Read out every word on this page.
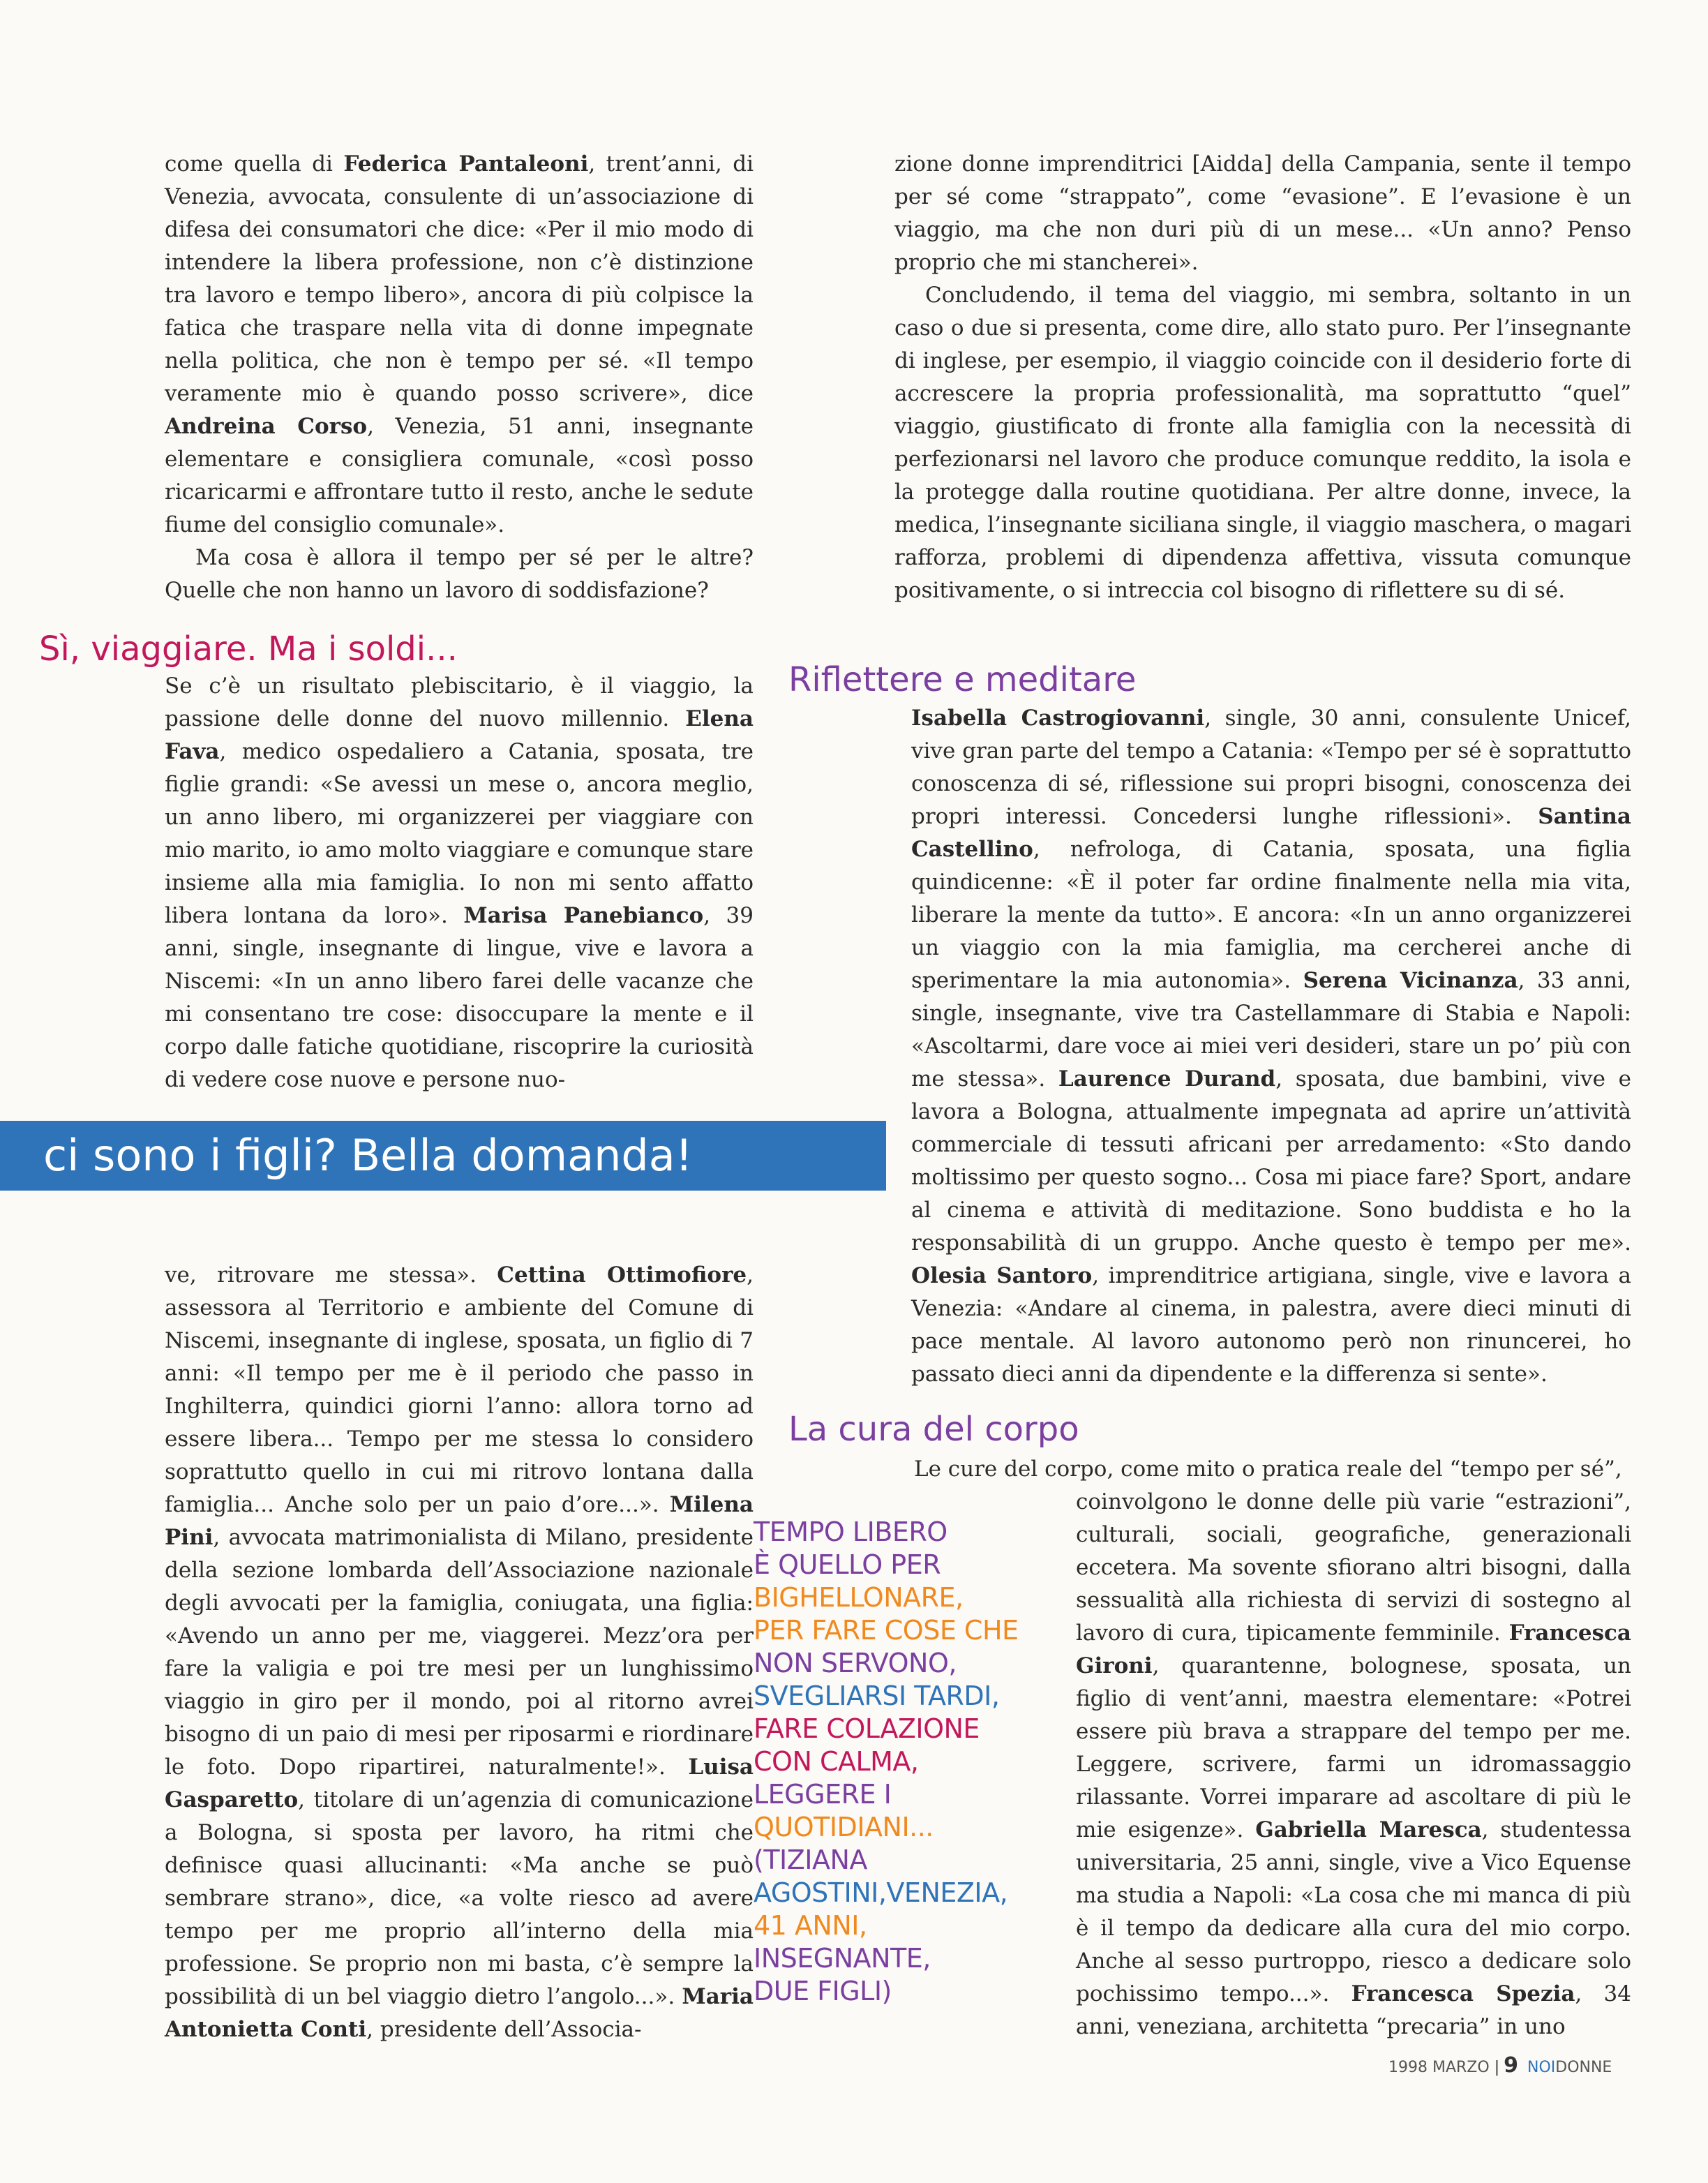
come quella di Federica Pantaleoni, trent’anni, di Venezia, avvocata, consulente di un’associazione di difesa dei consumatori che dice: «Per il mio modo di intendere la libera professione, non c’è distinzione tra lavoro e tempo libero», ancora di più colpisce la fatica che traspare nella vita di donne impegnate nella politica, che non è tempo per sé. «Il tempo veramente mio è quando posso scrivere», dice Andreina Corso, Venezia, 51 anni, insegnante elementare e consigliera comunale, «così posso ricaricarmi e affrontare tutto il resto, anche le sedute fiume del consiglio comunale».

Ma cosa è allora il tempo per sé per le altre? Quelle che non hanno un lavoro di soddisfazione?

Sì, viaggiare. Ma i soldi...

Se c’è un risultato plebiscitario, è il viaggio, la passione delle donne del nuovo millennio. Elena Fava, medico ospedaliero a Catania, sposata, tre figlie grandi: «Se avessi un mese o, ancora meglio, un anno libero, mi organizzerei per viaggiare con mio marito, io amo molto viaggiare e comunque stare insieme alla mia famiglia. Io non mi sento affatto libera lontana da loro». Marisa Panebianco, 39 anni, single, insegnante di lingue, vive e lavora a Niscemi: «In un anno libero farei delle vacanze che mi consentano tre cose: disoccupare la mente e il corpo dalle fatiche quotidiane, riscoprire la curiosità di vedere cose nuove e persone nuo-

ci sono i figli? Bella domanda!

ve, ritrovare me stessa». Cettina Ottimofiore, assessora al Territorio e ambiente del Comune di Niscemi, insegnante di inglese, sposata, un figlio di 7 anni: «Il tempo per me è il periodo che passo in Inghilterra, quindici giorni l’anno: allora torno ad essere libera... Tempo per me stessa lo considero soprattutto quello in cui mi ritrovo lontana dalla famiglia... Anche solo per un paio d’ore...». Milena Pini, avvocata matrimonialista di Milano, presidente della sezione lombarda dell’Associazione nazionale degli avvocati per la famiglia, coniugata, una figlia: «Avendo un anno per me, viaggerei. Mezz’ora per fare la valigia e poi tre mesi per un lunghissimo viaggio in giro per il mondo, poi al ritorno avrei bisogno di un paio di mesi per riposarmi e riordinare le foto. Dopo ripartirei, naturalmente!». Luisa Gasparetto, titolare di un’agenzia di comunicazione a Bologna, si sposta per lavoro, ha ritmi che definisce quasi allucinanti: «Ma anche se può sembrare strano», dice, «a volte riesco ad avere tempo per me proprio all’interno della mia professione. Se proprio non mi basta, c’è sempre la possibilità di un bel viaggio dietro l’angolo...». Maria Antonietta Conti, presidente dell’Associa-

zione donne imprenditrici [Aidda] della Campania, sente il tempo per sé come “strappato”, come “evasione”. E l’evasione è un viaggio, ma che non duri più di un mese... «Un anno? Penso proprio che mi stancherei».

Concludendo, il tema del viaggio, mi sembra, soltanto in un caso o due si presenta, come dire, allo stato puro. Per l’insegnante di inglese, per esempio, il viaggio coincide con il desiderio forte di accrescere la propria professionalità, ma soprattutto “quel” viaggio, giustificato di fronte alla famiglia con la necessità di perfezionarsi nel lavoro che produce comunque reddito, la isola e la protegge dalla routine quotidiana. Per altre donne, invece, la medica, l’insegnante siciliana single, il viaggio maschera, o magari rafforza, problemi di dipendenza affettiva, vissuta comunque positivamente, o si intreccia col bisogno di riflettere su di sé.

Riflettere e meditare

Isabella Castrogiovanni, single, 30 anni, consulente Unicef, vive gran parte del tempo a Catania: «Tempo per sé è soprattutto conoscenza di sé, riflessione sui propri bisogni, conoscenza dei propri interessi. Concedersi lunghe riflessioni». Santina Castellino, nefrologa, di Catania, sposata, una figlia quindicenne: «È il poter far ordine finalmente nella mia vita, liberare la mente da tutto». E ancora: «In un anno organizzerei un viaggio con la mia famiglia, ma cercherei anche di sperimentare la mia autonomia». Serena Vicinanza, 33 anni, single, insegnante, vive tra Castellammare di Stabia e Napoli: «Ascoltarmi, dare voce ai miei veri desideri, stare un po’ più con me stessa». Laurence Durand, sposata, due bambini, vive e lavora a Bologna, attualmente impegnata ad aprire un’attività commerciale di tessuti africani per arredamento: «Sto dando moltissimo per questo sogno... Cosa mi piace fare? Sport, andare al cinema e attività di meditazione. Sono buddista e ho la responsabilità di un gruppo. Anche questo è tempo per me». Olesia Santoro, imprenditrice artigiana, single, vive e lavora a Venezia: «Andare al cinema, in palestra, avere dieci minuti di pace mentale. Al lavoro autonomo però non rinuncerei, ho passato dieci anni da dipendente e la differenza si sente».

La cura del corpo

Le cure del corpo, come mito o pratica reale del “tempo per sé”,

coinvolgono le donne delle più varie “estrazioni”, culturali, sociali, geografiche, generazionali eccetera. Ma sovente sfiorano altri bisogni, dalla sessualità alla richiesta di servizi di sostegno al lavoro di cura, tipicamente femminile. Francesca Gironi, quarantenne, bolognese, sposata, un figlio di vent’anni, maestra elementare: «Potrei essere più brava a strappare del tempo per me. Leggere, scrivere, farmi un idromassaggio rilassante. Vorrei imparare ad ascoltare di più le mie esigenze». Gabriella Maresca, studentessa universitaria, 25 anni, single, vive a Vico Equense ma studia a Napoli: «La cosa che mi manca di più è il tempo da dedicare alla cura del mio corpo. Anche al sesso purtroppo, riesco a dedicare solo pochissimo tempo...». Francesca Spezia, 34 anni, veneziana, architetta “precaria” in uno

TEMPO LIBERO
È QUELLO PER
BIGHELLONARE,
PER FARE COSE CHE
NON SERVONO,
SVEGLIARSI TARDI,
FARE COLAZIONE
CON CALMA,
LEGGERE I
QUOTIDIANI...
(TIZIANA
AGOSTINI,VENEZIA,
41 ANNI,
INSEGNANTE,
DUE FIGLI)
1998 MARZO | 9 NOIDONNE
